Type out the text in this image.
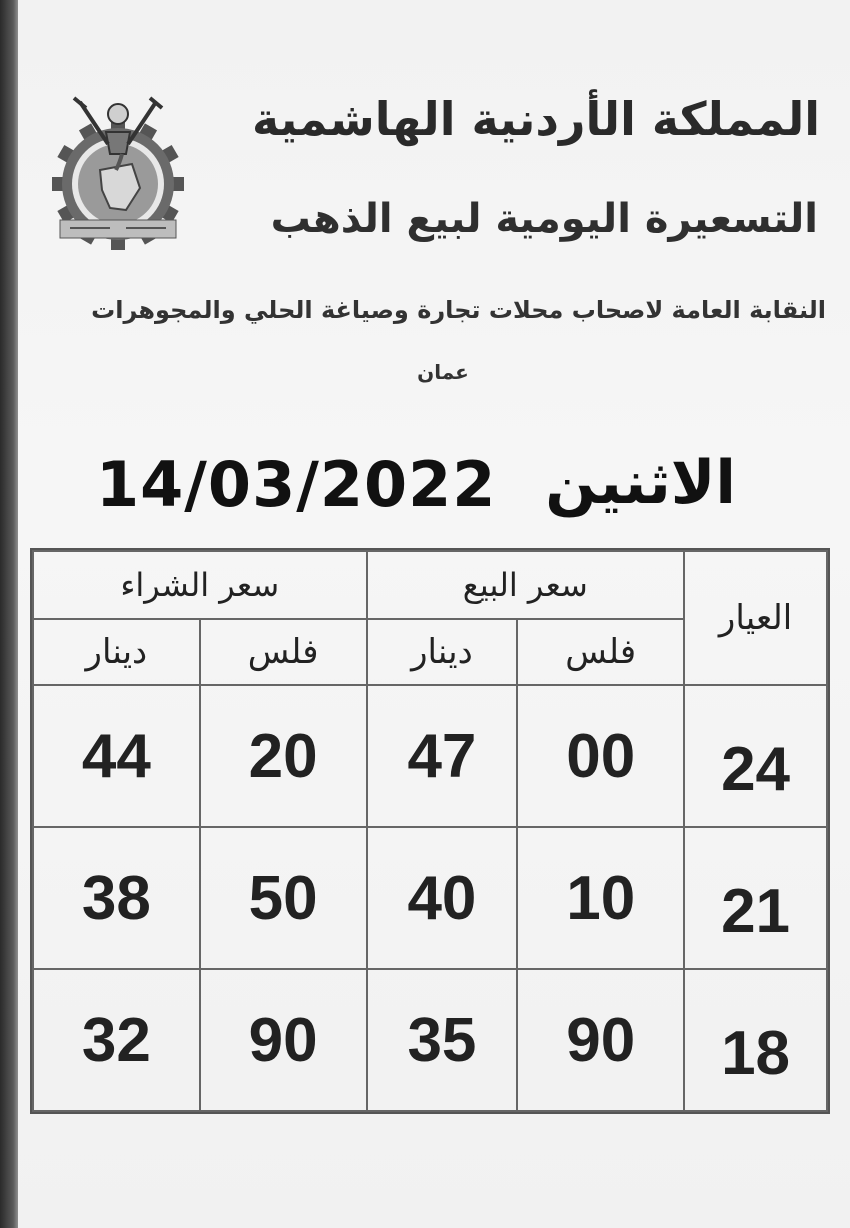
المملكة الأردنية الهاشمية
التسعيرة اليومية لبيع الذهب
النقابة العامة لاصحاب محلات تجارة وصياغة الحلي والمجوهرات
عمان
الاثنين
14/03/2022
العيار	سعر البيع		سعر الشراء	
	فلس	دينار	فلس	دينار
24	00	47	20	44
21	10	40	50	38
18	90	35	90	32
